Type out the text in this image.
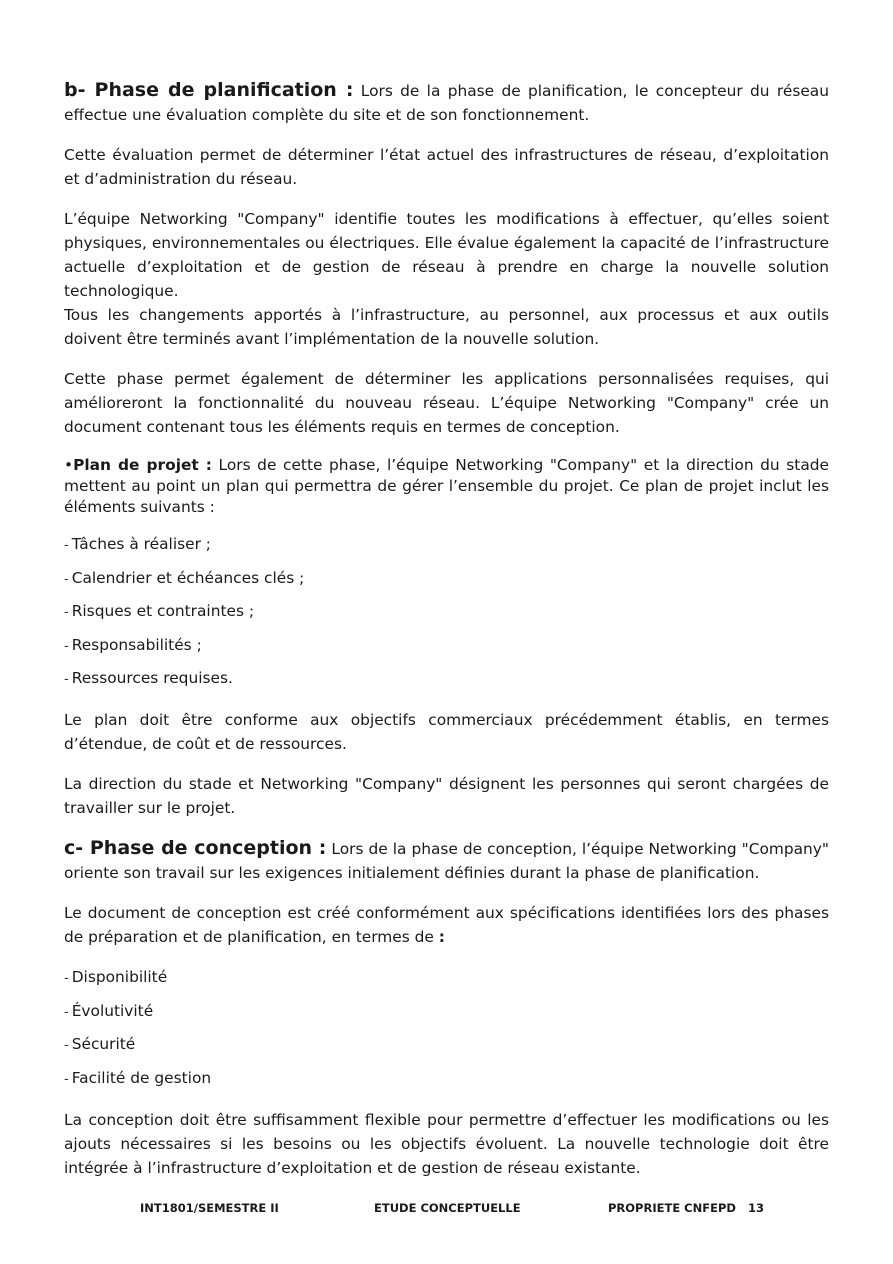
b- Phase de planification : Lors de la phase de planification, le concepteur du réseau effectue une évaluation complète du site et de son fonctionnement.

Cette évaluation permet de déterminer l’état actuel des infrastructures de réseau, d’exploitation et d’administration du réseau.

L’équipe Networking "Company" identifie toutes les modifications à effectuer, qu’elles soient physiques, environnementales ou électriques. Elle évalue également la capacité de l’infrastructure actuelle d’exploitation et de gestion de réseau à prendre en charge la nouvelle solution technologique.
Tous les changements apportés à l’infrastructure, au personnel, aux processus et aux outils doivent être terminés avant l’implémentation de la nouvelle solution.

Cette phase permet également de déterminer les applications personnalisées requises, qui amélioreront la fonctionnalité du nouveau réseau. L’équipe Networking "Company" crée un document contenant tous les éléments requis en termes de conception.

•Plan de projet : Lors de cette phase, l’équipe Networking "Company" et la direction du stade mettent au point un plan qui permettra de gérer l’ensemble du projet. Ce plan de projet inclut les éléments suivants :

- Tâches à réaliser ;
- Calendrier et échéances clés ;
- Risques et contraintes ;
- Responsabilités ;
- Ressources requises.

Le plan doit être conforme aux objectifs commerciaux précédemment établis, en termes d’étendue, de coût et de ressources.

La direction du stade et Networking "Company" désignent les personnes qui seront chargées de travailler sur le projet.

c- Phase de conception : Lors de la phase de conception, l’équipe Networking "Company" oriente son travail sur les exigences initialement définies durant la phase de planification.

Le document de conception est créé conformément aux spécifications identifiées lors des phases de préparation et de planification, en termes de :

- Disponibilité
- Évolutivité
- Sécurité
- Facilité de gestion

La conception doit être suffisamment flexible pour permettre d’effectuer les modifications ou les ajouts nécessaires si les besoins ou les objectifs évoluent. La nouvelle technologie doit être intégrée à l’infrastructure d’exploitation et de gestion de réseau existante.

INT1801/SEMESTRE II	ETUDE CONCEPTUELLE	PROPRIETE CNFEPD 13
